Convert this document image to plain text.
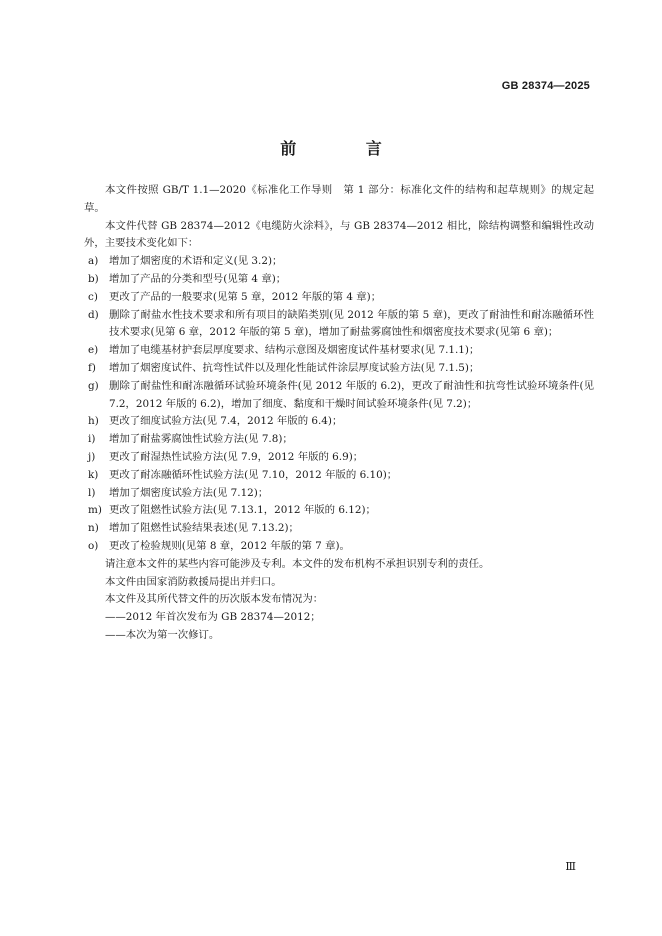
GB 28374—2025
前 言
本文件按照 GB/T 1.1—2020《标准化工作导则　第 1 部分：标准化文件的结构和起草规则》的规定起草。
本文件代替 GB 28374—2012《电缆防火涂料》，与 GB 28374—2012 相比，除结构调整和编辑性改动外，主要技术变化如下：
a)	增加了烟密度的术语和定义(见 3.2)；
b) 增加了产品的分类和型号(见第 4 章)；
c)	更改了产品的一般要求(见第 5 章，2012 年版的第 4 章)；
d) 删除了耐盐水性技术要求和所有项目的缺陷类别(见 2012 年版的第 5 章)，更改了耐油性和耐冻融循环性技术要求(见第 6 章，2012 年版的第 5 章)，增加了耐盐雾腐蚀性和烟密度技术要求(见第 6 章)；
e)	增加了电缆基材护套层厚度要求、结构示意图及烟密度试件基材要求(见 7.1.1)；
f)	增加了烟密度试件、抗弯性试件以及理化性能试件涂层厚度试验方法(见 7.1.5)；
g) 删除了耐盐性和耐冻融循环试验环境条件(见 2012 年版的 6.2)，更改了耐油性和抗弯性试验环境条件(见 7.2，2012 年版的 6.2)，增加了细度、黏度和干燥时间试验环境条件(见 7.2)；
h) 更改了细度试验方法(见 7.4，2012 年版的 6.4)；
i)	增加了耐盐雾腐蚀性试验方法(见 7.8)；
j)	更改了耐湿热性试验方法(见 7.9，2012 年版的 6.9)；
k)	更改了耐冻融循环性试验方法(见 7.10，2012 年版的 6.10)；
l)	增加了烟密度试验方法(见 7.12)；
m) 更改了阻燃性试验方法(见 7.13.1，2012 年版的 6.12)；
n) 增加了阻燃性试验结果表述(见 7.13.2)；
o)	更改了检验规则(见第 8 章，2012 年版的第 7 章)。
请注意本文件的某些内容可能涉及专利。本文件的发布机构不承担识别专利的责任。
本文件由国家消防救援局提出并归口。
本文件及其所代替文件的历次版本发布情况为：
——2012 年首次发布为 GB 28374—2012；
——本次为第一次修订。
Ⅲ
